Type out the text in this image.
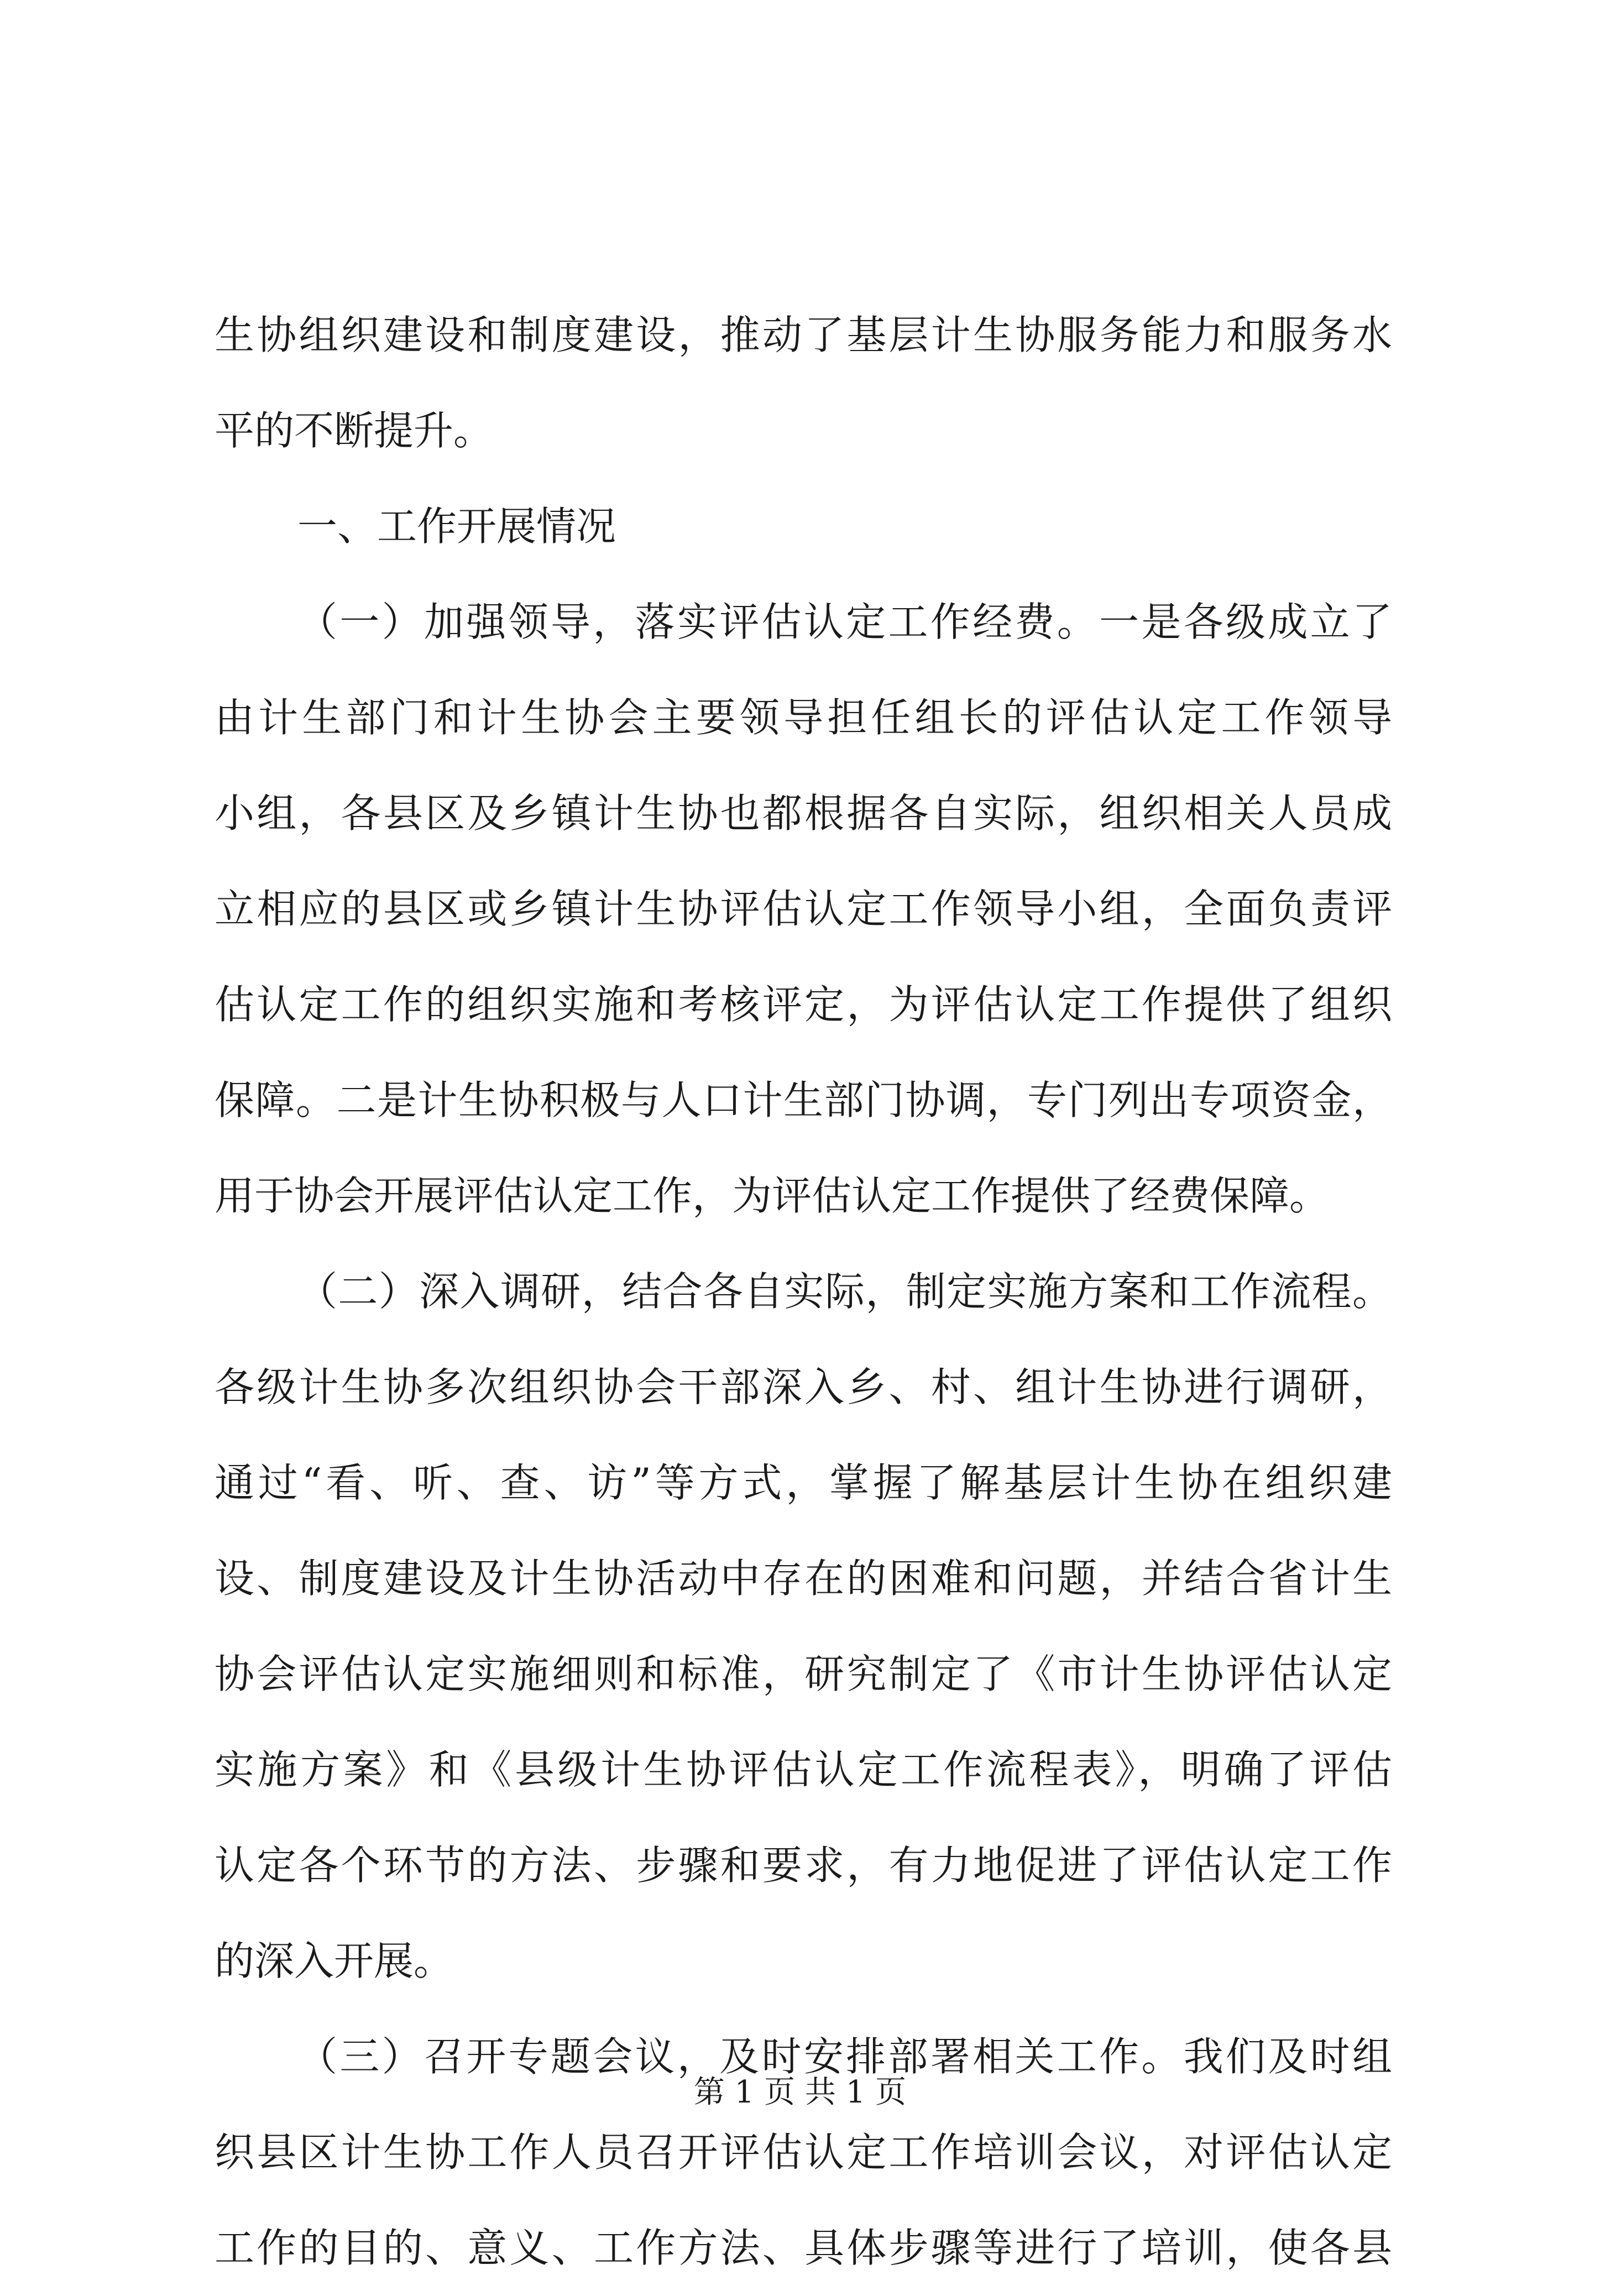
生协组织建设和制度建设，推动了基层计生协服务能力和服务水
平的不断提升。
一、工作开展情况
（一）加强领导，落实评估认定工作经费。一是各级成立了
由计生部门和计生协会主要领导担任组长的评估认定工作领导
小组，各县区及乡镇计生协也都根据各自实际，组织相关人员成
立相应的县区或乡镇计生协评估认定工作领导小组，全面负责评
估认定工作的组织实施和考核评定，为评估认定工作提供了组织
保障。二是计生协积极与人口计生部门协调，专门列出专项资金，
用于协会开展评估认定工作，为评估认定工作提供了经费保障。
（二）深入调研，结合各自实际，制定实施方案和工作流程。
各级计生协多次组织协会干部深入乡、村、组计生协进行调研，
通过“看、听、查、访”等方式，掌握了解基层计生协在组织建
设、制度建设及计生协活动中存在的困难和问题，并结合省计生
协会评估认定实施细则和标准，研究制定了《市计生协评估认定
实施方案》和《县级计生协评估认定工作流程表》，明确了评估
认定各个环节的方法、步骤和要求，有力地促进了评估认定工作
的深入开展。
（三）召开专题会议，及时安排部署相关工作。我们及时组
织县区计生协工作人员召开评估认定工作培训会议，对评估认定
工作的目的、意义、工作方法、具体步骤等进行了培训，使各县
第 1 页 共 1 页
